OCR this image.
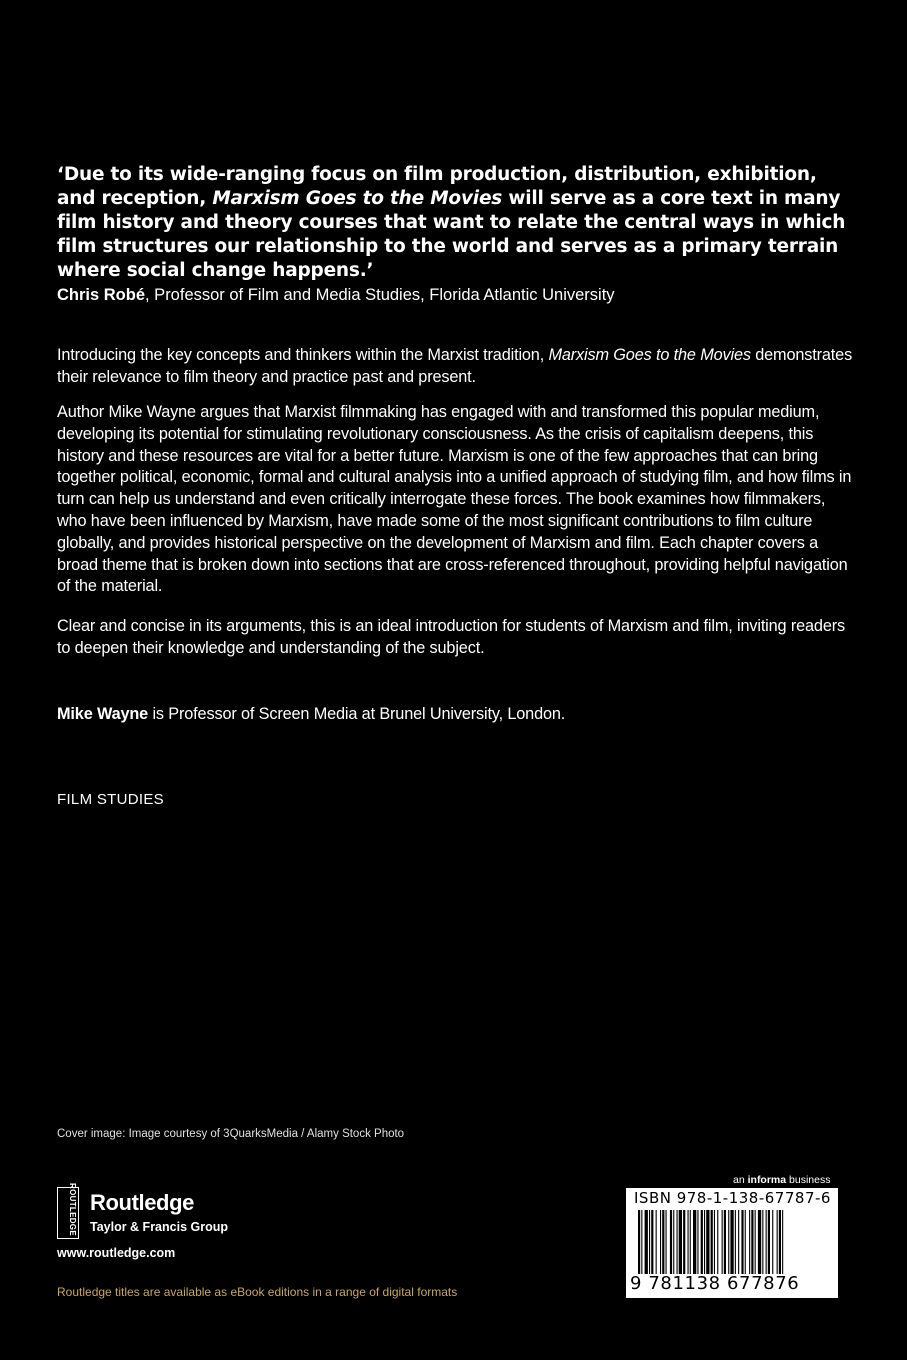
‘Due to its wide-ranging focus on film production, distribution, exhibition, and reception, Marxism Goes to the Movies will serve as a core text in many film history and theory courses that want to relate the central ways in which film structures our relationship to the world and serves as a primary terrain where social change happens.’
Chris Robé, Professor of Film and Media Studies, Florida Atlantic University
Introducing the key concepts and thinkers within the Marxist tradition, Marxism Goes to the Movies demonstrates their relevance to film theory and practice past and present.
Author Mike Wayne argues that Marxist filmmaking has engaged with and transformed this popular medium, developing its potential for stimulating revolutionary consciousness. As the crisis of capitalism deepens, this history and these resources are vital for a better future. Marxism is one of the few approaches that can bring together political, economic, formal and cultural analysis into a unified approach of studying film, and how films in turn can help us understand and even critically interrogate these forces. The book examines how filmmakers, who have been influenced by Marxism, have made some of the most significant contributions to film culture globally, and provides historical perspective on the development of Marxism and film. Each chapter covers a broad theme that is broken down into sections that are cross-referenced throughout, providing helpful navigation of the material.
Clear and concise in its arguments, this is an ideal introduction for students of Marxism and film, inviting readers to deepen their knowledge and understanding of the subject.
Mike Wayne is Professor of Screen Media at Brunel University, London.
FILM STUDIES
Cover image: Image courtesy of 3QuarksMedia / Alamy Stock Photo
ROUTLEDGE Routledge
Taylor & Francis Group
www.routledge.com
Routledge titles are available as eBook editions in a range of digital formats
an informa business
ISBN 978-1-138-67787-6
9 781138 677876
